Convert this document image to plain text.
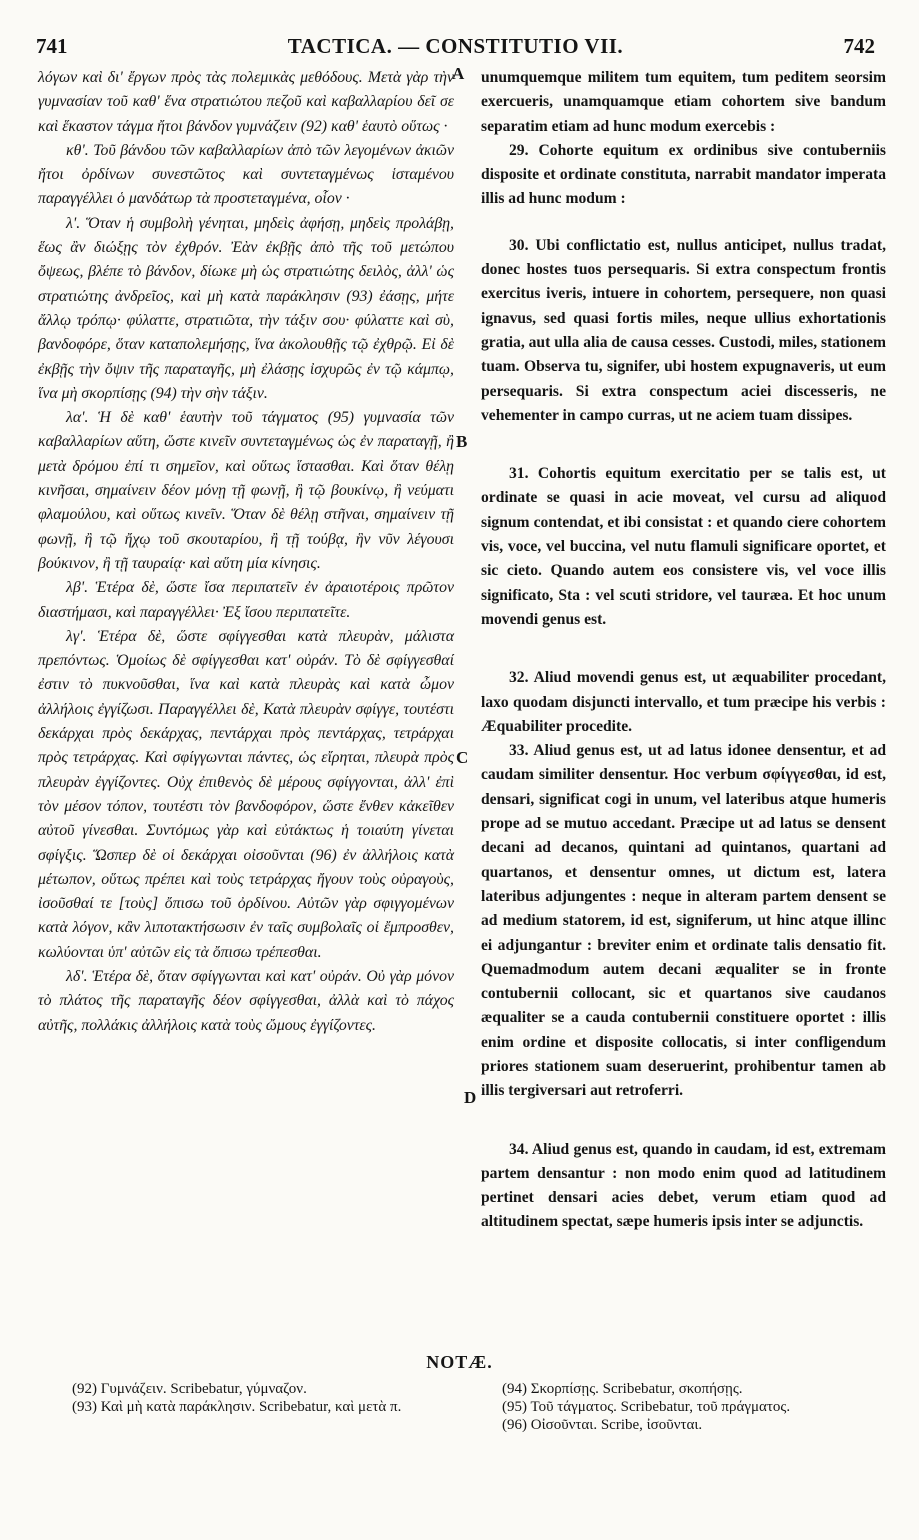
741	TACTICA. — CONSTITUTIO VII.	742

λόγων καὶ δι' ἔργων πρὸς τὰς πολεμικὰς μεθόδους. Μετὰ γὰρ τὴν γυμνασίαν τοῦ καθ' ἕνα στρατιώτου πεζοῦ καὶ καβαλλαρίου δεῖ σε καὶ ἕκαστον τάγμα ἤτοι βάνδον γυμνάζειν (92) καθ' ἑαυτὸ οὕτως ·

κθ'. Τοῦ βάνδου τῶν καβαλλαρίων ἀπὸ τῶν λεγομένων ἀκιῶν ἤτοι ὀρδίνων συνεστῶτος καὶ συντεταγμένως ἱσταμένου παραγγέλλει ὁ μανδάτωρ τὰ προστεταγμένα, οἷον ·

λ'. Ὅταν ἡ συμβολὴ γένηται, μηδεὶς ἀφήσῃ, μηδεὶς προλάβῃ, ἕως ἂν διώξῃς τὸν ἐχθρόν. Ἐὰν ἐκβῇς ἀπὸ τῆς τοῦ μετώπου ὄψεως, βλέπε τὸ βάνδον, δίωκε μὴ ὡς στρατιώτης δειλὸς, ἀλλ' ὡς στρατιώτης ἀνδρεῖος, καὶ μὴ κατὰ παράκλησιν (93) ἐάσῃς, μήτε ἄλλῳ τρόπῳ· φύλαττε, στρατιῶτα, τὴν τάξιν σου· φύλαττε καὶ σὺ, βανδοφόρε, ὅταν καταπολεμήσῃς, ἵνα ἀκολουθῇς τῷ ἐχθρῷ. Εἰ δὲ ἐκβῇς τὴν ὄψιν τῆς παραταγῆς, μὴ ἐλάσῃς ἰσχυρῶς ἐν τῷ κάμπῳ, ἵνα μὴ σκορπίσῃς (94) τὴν σὴν τάξιν.

λα'. Ἡ δὲ καθ' ἑαυτὴν τοῦ τάγματος (95) γυμνασία τῶν καβαλλαρίων αὕτη, ὥστε κινεῖν συντεταγμένως ὡς ἐν παραταγῇ, ἢ μετὰ δρόμου ἐπί τι σημεῖον, καὶ οὕτως ἵστασθαι. Καὶ ὅταν θέλῃ κινῆσαι, σημαίνειν δέον μόνῃ τῇ φωνῇ, ἢ τῷ βουκίνῳ, ἢ νεύματι φλαμούλου, καὶ οὕτως κινεῖν. Ὅταν δὲ θέλῃ στῆναι, σημαίνειν τῇ φωνῇ, ἢ τῷ ἤχῳ τοῦ σκουταρίου, ἢ τῇ τούβᾳ, ἣν νῦν λέγουσι βούκινον, ἢ τῇ ταυραίᾳ· καὶ αὕτη μία κίνησις.

λβ'. Ἑτέρα δὲ, ὥστε ἴσα περιπατεῖν ἐν ἀραιοτέροις πρῶτον διαστήμασι, καὶ παραγγέλλει· Ἐξ ἴσου περιπατεῖτε.

λγ'. Ἑτέρα δὲ, ὥστε σφίγγεσθαι κατὰ πλευρὰν, μάλιστα πρεπόντως. Ὁμοίως δὲ σφίγγεσθαι κατ' οὐράν. Τὸ δὲ σφίγγεσθαί ἐστιν τὸ πυκνοῦσθαι, ἵνα καὶ κατὰ πλευρὰς καὶ κατὰ ὦμον ἀλλήλοις ἐγγίζωσι. Παραγγέλλει δὲ, Κατὰ πλευρὰν σφίγγε, τουτέστι δεκάρχαι πρὸς δεκάρχας, πεντάρχαι πρὸς πεντάρχας, τετράρχαι πρὸς τετράρχας. Καὶ σφίγγωνται πάντες, ὡς εἴρηται, πλευρὰ πρὸς πλευρὰν ἐγγίζοντες. Οὐχ ἐπιθενὸς δὲ μέρους σφίγγονται, ἀλλ' ἐπὶ τὸν μέσον τόπον, τουτέστι τὸν βανδοφόρον, ὥστε ἔνθεν κἀκεῖθεν αὐτοῦ γίνεσθαι. Συντόμως γὰρ καὶ εὐτάκτως ἡ τοιαύτη γίνεται σφίγξις. Ὥσπερ δὲ οἱ δεκάρχαι οἰσοῦνται (96) ἐν ἀλλήλοις κατὰ μέτωπον, οὕτως πρέπει καὶ τοὺς τετράρχας ἤγουν τοὺς οὐραγοὺς, ἰσοῦσθαί τε [τοὺς] ὄπισω τοῦ ὀρδίνου. Αὐτῶν γὰρ σφιγγομένων κατὰ λόγον, κἂν λιποτακτήσωσιν ἐν ταῖς συμβολαῖς οἱ ἔμπροσθεν, κωλύονται ὑπ' αὐτῶν εἰς τὰ ὄπισω τρέπεσθαι.

λδ'. Ἑτέρα δὲ, ὅταν σφίγγωνται καὶ κατ' οὐράν. Οὐ γὰρ μόνον τὸ πλάτος τῆς παραταγῆς δέον σφίγγεσθαι, ἀλλὰ καὶ τὸ πάχος αὐτῆς, πολλάκις ἀλλήλοις κατὰ τοὺς ὤμους ἐγγίζοντες.

unumquemque militem tum equitem, tum peditem seorsim exercueris, unamquamque etiam cohortem sive bandum separatim etiam ad hunc modum exercebis :

29. Cohorte equitum ex ordinibus sive contuberniis disposite et ordinate constituta, narrabit mandator imperata illis ad hunc modum :

30. Ubi conflictatio est, nullus anticipet, nullus tradat, donec hostes tuos persequaris. Si extra conspectum frontis exercitus iveris, intuere in cohortem, persequere, non quasi ignavus, sed quasi fortis miles, neque ullius exhortationis gratia, aut ulla alia de causa cesses. Custodi, miles, stationem tuam. Observa tu, signifer, ubi hostem expugnaveris, ut eum persequaris. Si extra conspectum aciei discesseris, ne vehementer in campo curras, ut ne aciem tuam dissipes.

31. Cohortis equitum exercitatio per se talis est, ut ordinate se quasi in acie moveat, vel cursu ad aliquod signum contendat, et ibi consistat : et quando ciere cohortem vis, voce, vel buccina, vel nutu flamuli significare oportet, et sic cieto. Quando autem eos consistere vis, vel voce illis significato, Sta : vel scuti stridore, vel tauræa. Et hoc unum movendi genus est.

32. Aliud movendi genus est, ut æquabiliter procedant, laxo quodam disjuncti intervallo, et tum præcipe his verbis : Æquabiliter procedite.

33. Aliud genus est, ut ad latus idonee densentur, et ad caudam similiter densentur. Hoc verbum σφίγγεσθαι, id est, densari, significat cogi in unum, vel lateribus atque humeris prope ad se mutuo accedant. Præcipe ut ad latus se densent decani ad decanos, quintani ad quintanos, quartani ad quartanos, et densentur omnes, ut dictum est, latera lateribus adjungentes : neque in alteram partem densent se ad medium statorem, id est, signiferum, ut hinc atque illinc ei adjungantur : breviter enim et ordinate talis densatio fit. Quemadmodum autem decani æqualiter se in fronte contubernii collocant, sic et quartanos sive caudanos æqualiter se a cauda contubernii constituere oportet : illis enim ordine et disposite collocatis, si inter confligendum priores stationem suam deseruerint, prohibentur tamen ab illis tergiversari aut retroferri.

34. Aliud genus est, quando in caudam, id est, extremam partem densantur : non modo enim quod ad latitudinem pertinet densari acies debet, verum etiam quod ad altitudinem spectat, sæpe humeris ipsis inter se adjunctis.

A
B
C
D
NOTÆ.

(92) Γυμνάζειν. Scribebatur, γύμναζον.

(93) Καὶ μὴ κατὰ παράκλησιν. Scribebatur, καὶ μετὰ π.

(94) Σκορπίσῃς. Scribebatur, σκοπήσῃς.

(95) Τοῦ τάγματος. Scribebatur, τοῦ πράγματος.

(96) Οἰσοῦνται. Scribe, ἰσοῦνται.
